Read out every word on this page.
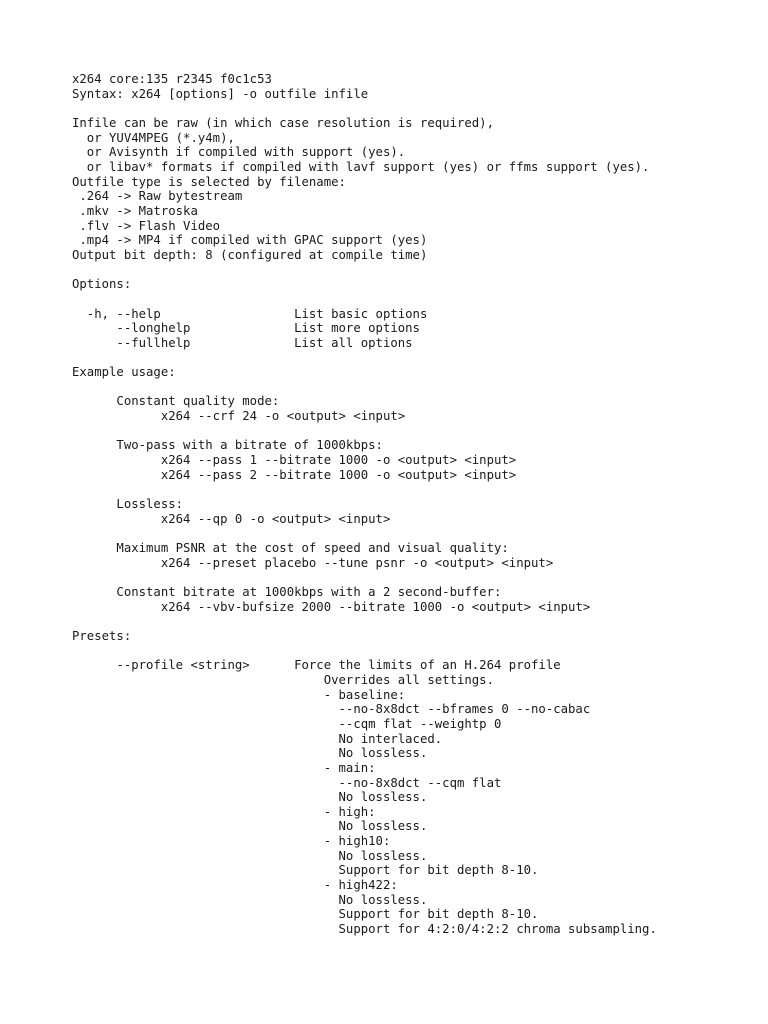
x264 core:135 r2345 f0c1c53
Syntax: x264 [options] -o outfile infile

Infile can be raw (in which case resolution is required),
or YUV4MPEG (*.y4m),
or Avisynth if compiled with support (yes).
or libav* formats if compiled with lavf support (yes) or ffms support (yes).
Outfile type is selected by filename:
.264 -> Raw bytestream
.mkv -> Matroska
.flv -> Flash Video
.mp4 -> MP4 if compiled with GPAC support (yes)
Output bit depth: 8 (configured at compile time)

Options:

-h, --help                  List basic options
--longhelp              List more options
--fullhelp              List all options

Example usage:

Constant quality mode:
x264 --crf 24 -o <output> <input>

Two-pass with a bitrate of 1000kbps:
x264 --pass 1 --bitrate 1000 -o <output> <input>
x264 --pass 2 --bitrate 1000 -o <output> <input>

Lossless:
x264 --qp 0 -o <output> <input>

Maximum PSNR at the cost of speed and visual quality:
x264 --preset placebo --tune psnr -o <output> <input>

Constant bitrate at 1000kbps with a 2 second-buffer:
x264 --vbv-bufsize 2000 --bitrate 1000 -o <output> <input>

Presets:

--profile <string>      Force the limits of an H.264 profile
Overrides all settings.
- baseline:
--no-8x8dct --bframes 0 --no-cabac
--cqm flat --weightp 0
No interlaced.
No lossless.
- main:
--no-8x8dct --cqm flat
No lossless.
- high:
No lossless.
- high10:
No lossless.
Support for bit depth 8-10.
- high422:
No lossless.
Support for bit depth 8-10.
Support for 4:2:0/4:2:2 chroma subsampling.
